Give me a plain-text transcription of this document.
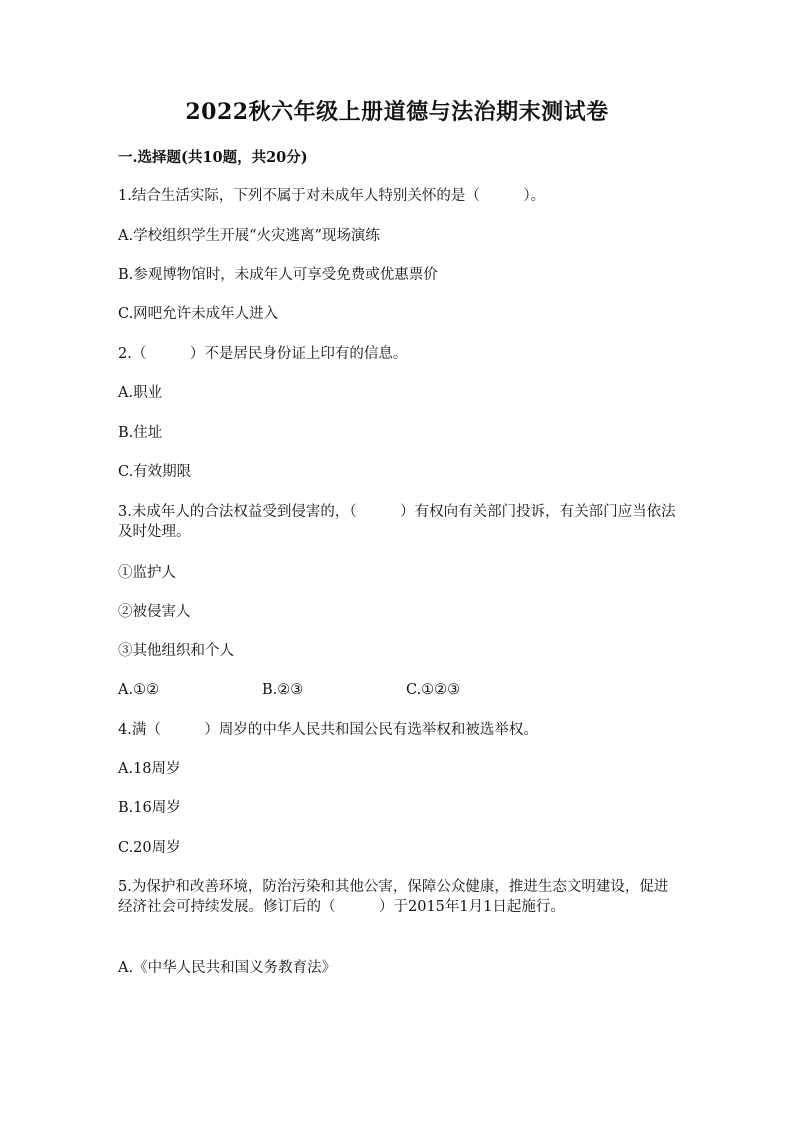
2022秋六年级上册道德与法治期末测试卷
一.选择题(共10题，共20分)
1.结合生活实际，下列不属于对未成年人特别关怀的是（　　　）。
A.学校组织学生开展“火灾逃离”现场演练
B.参观博物馆时，未成年人可享受免费或优惠票价
C.网吧允许未成年人进入
2.（　　　）不是居民身份证上印有的信息。
A.职业
B.住址
C.有效期限
3.未成年人的合法权益受到侵害的，（　　　）有权向有关部门投诉，有关部门应当依法及时处理。
①监护人
②被侵害人
③其他组织和个人
A.①②	B.②③	C.①②③
4.满（　　　）周岁的中华人民共和国公民有选举权和被选举权。
A.18周岁
B.16周岁
C.20周岁
5.为保护和改善环境，防治污染和其他公害，保障公众健康，推进生态文明建设，促进经济社会可持续发展。修订后的（　　　）于2015年1月1日起施行。
A.《中华人民共和国义务教育法》
